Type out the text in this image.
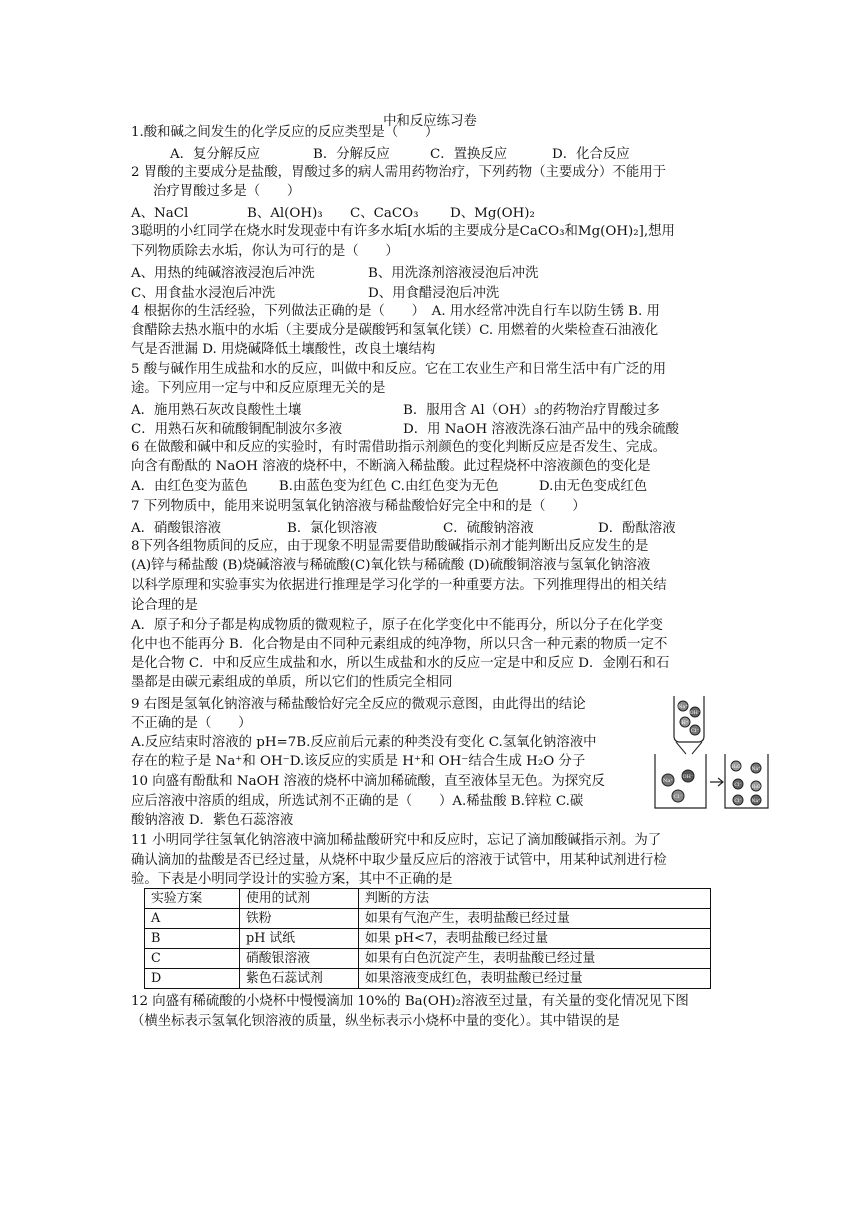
中和反应练习卷
1.酸和碱之间发生的化学反应的反应类型是（　　）
A．复分解反应	B．分解反应	C．置换反应	D．化合反应
2 胃酸的主要成分是盐酸，胃酸过多的病人需用药物治疗，下列药物（主要成分）不能用于
治疗胃酸过多是（　　）
A、NaCl	B、Al(OH)₃ C、CaCO₃ D、Mg(OH)₂
3聪明的小红同学在烧水时发现壶中有许多水垢[水垢的主要成分是CaCO₃和Mg(OH)₂],想用
下列物质除去水垢，你认为可行的是（　　）
A、用热的纯碱溶液浸泡后冲洗	B、用洗涤剂溶液浸泡后冲洗
C、用食盐水浸泡后冲洗	D、用食醋浸泡后冲洗
4 根据你的生活经验，下列做法正确的是（　　）　A. 用水经常冲洗自行车以防生锈 B. 用
食醋除去热水瓶中的水垢（主要成分是碳酸钙和氢氧化镁）C. 用燃着的火柴检查石油液化
气是否泄漏 D. 用烧碱降低土壤酸性，改良土壤结构
5 酸与碱作用生成盐和水的反应，叫做中和反应。它在工农业生产和日常生活中有广泛的用
途。下列应用一定与中和反应原理无关的是
A．施用熟石灰改良酸性土壤	B．服用含 Al（OH）₃的药物治疗胃酸过多
C．用熟石灰和硫酸铜配制波尔多液	D．用 NaOH 溶液洗涤石油产品中的残余硫酸
6 在做酸和碱中和反应的实验时，有时需借助指示剂颜色的变化判断反应是否发生、完成。
向含有酚酞的 NaOH 溶液的烧杯中，不断滴入稀盐酸。此过程烧杯中溶液颜色的变化是
A．由红色变为蓝色　　 B.由蓝色变为红色 C.由红色变为无色　　　D.由无色变成红色
7 下列物质中，能用来说明氢氧化钠溶液与稀盐酸恰好完全中和的是（　　）
A．硝酸银溶液	B．氯化钡溶液	C．硫酸钠溶液	D．酚酞溶液
8下列各组物质间的反应，由于现象不明显需要借助酸碱指示剂才能判断出反应发生的是
(A)锌与稀盐酸 (B)烧碱溶液与稀硫酸(C)氧化铁与稀硫酸 (D)硫酸铜溶液与氢氧化钠溶液
以科学原理和实验事实为依据进行推理是学习化学的一种重要方法。下列推理得出的相关结
论合理的是
A．原子和分子都是构成物质的微观粒子，原子在化学变化中不能再分，所以分子在化学变
化中也不能再分 B．化合物是由不同种元素组成的纯净物，所以只含一种元素的物质一定不
是化合物 C．中和反应生成盐和水，所以生成盐和水的反应一定是中和反应 D．金刚石和石
墨都是由碳元素组成的单质，所以它们的性质完全相同
9 右图是氢氧化钠溶液与稀盐酸恰好完全反应的微观示意图，由此得出的结论
不正确的是（　　）
A.反应结束时溶液的 pH=7B.反应前后元素的种类没有变化 C.氢氧化钠溶液中
存在的粒子是 Na⁺和 OH⁻D.该反应的实质是 H⁺和 OH⁻结合生成 H₂O 分子
10 向盛有酚酞和 NaOH 溶液的烧杯中滴加稀硫酸，直至液体呈无色。为探究反
应后溶液中溶质的组成，所选试剂不正确的是（　　）A.稀盐酸 B.锌粒 C.碳
酸钠溶液 D．紫色石蕊溶液
Na⁺
OH⁻
H⁺
Cl⁻
Na⁺
OH⁻
Cl⁻
H₂O Na⁺
Cl⁻ H₂O
Cl⁻ Na⁺
11 小明同学往氢氧化钠溶液中滴加稀盐酸研究中和反应时，忘记了滴加酸碱指示剂。为了
确认滴加的盐酸是否已经过量，从烧杯中取少量反应后的溶液于试管中，用某种试剂进行检
验。下表是小明同学设计的实验方案，其中不正确的是
实验方案	使用的试剂	判断的方法
A	铁粉	如果有气泡产生，表明盐酸已经过量
B	pH 试纸	如果 pH<7，表明盐酸已经过量
C	硝酸银溶液	如果有白色沉淀产生，表明盐酸已经过量
D	紫色石蕊试剂	如果溶液变成红色，表明盐酸已经过量
12 向盛有稀硫酸的小烧杯中慢慢滴加 10%的 Ba(OH)₂溶液至过量，有关量的变化情况见下图
（横坐标表示氢氧化钡溶液的质量，纵坐标表示小烧杯中量的变化）。其中错误的是
